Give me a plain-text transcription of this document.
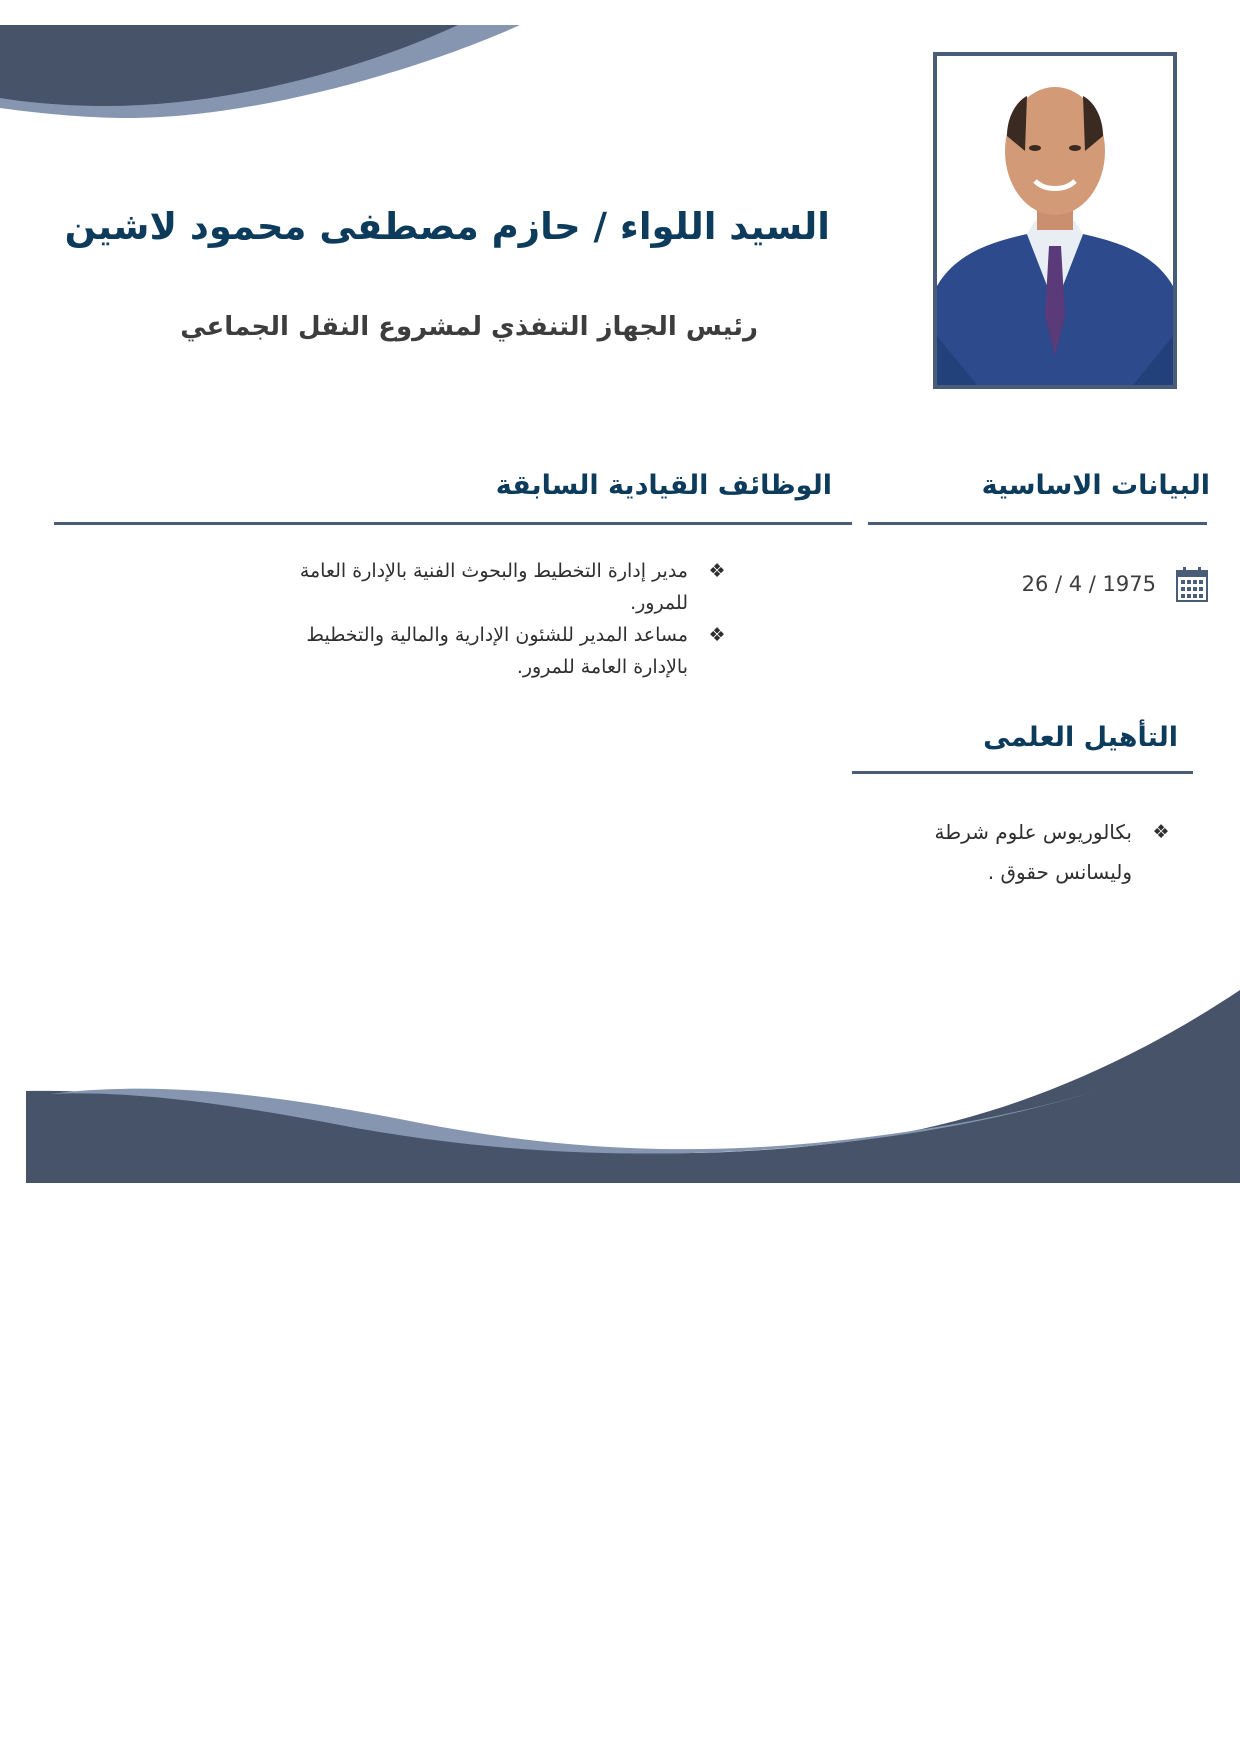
السيد اللواء / حازم مصطفى محمود لاشين
رئيس الجهاز التنفذي لمشروع النقل الجماعي
البيانات الاساسية
26 / 4 / 1975
الوظائف القيادية السابقة
❖
مدير إدارة التخطيط والبحوث الفنية بالإدارة العامة للمرور.
❖
مساعد المدير للشئون الإدارية والمالية والتخطيط بالإدارة العامة للمرور.
التأهيل العلمى
❖
بكالوريوس علوم شرطة وليسانس حقوق .
